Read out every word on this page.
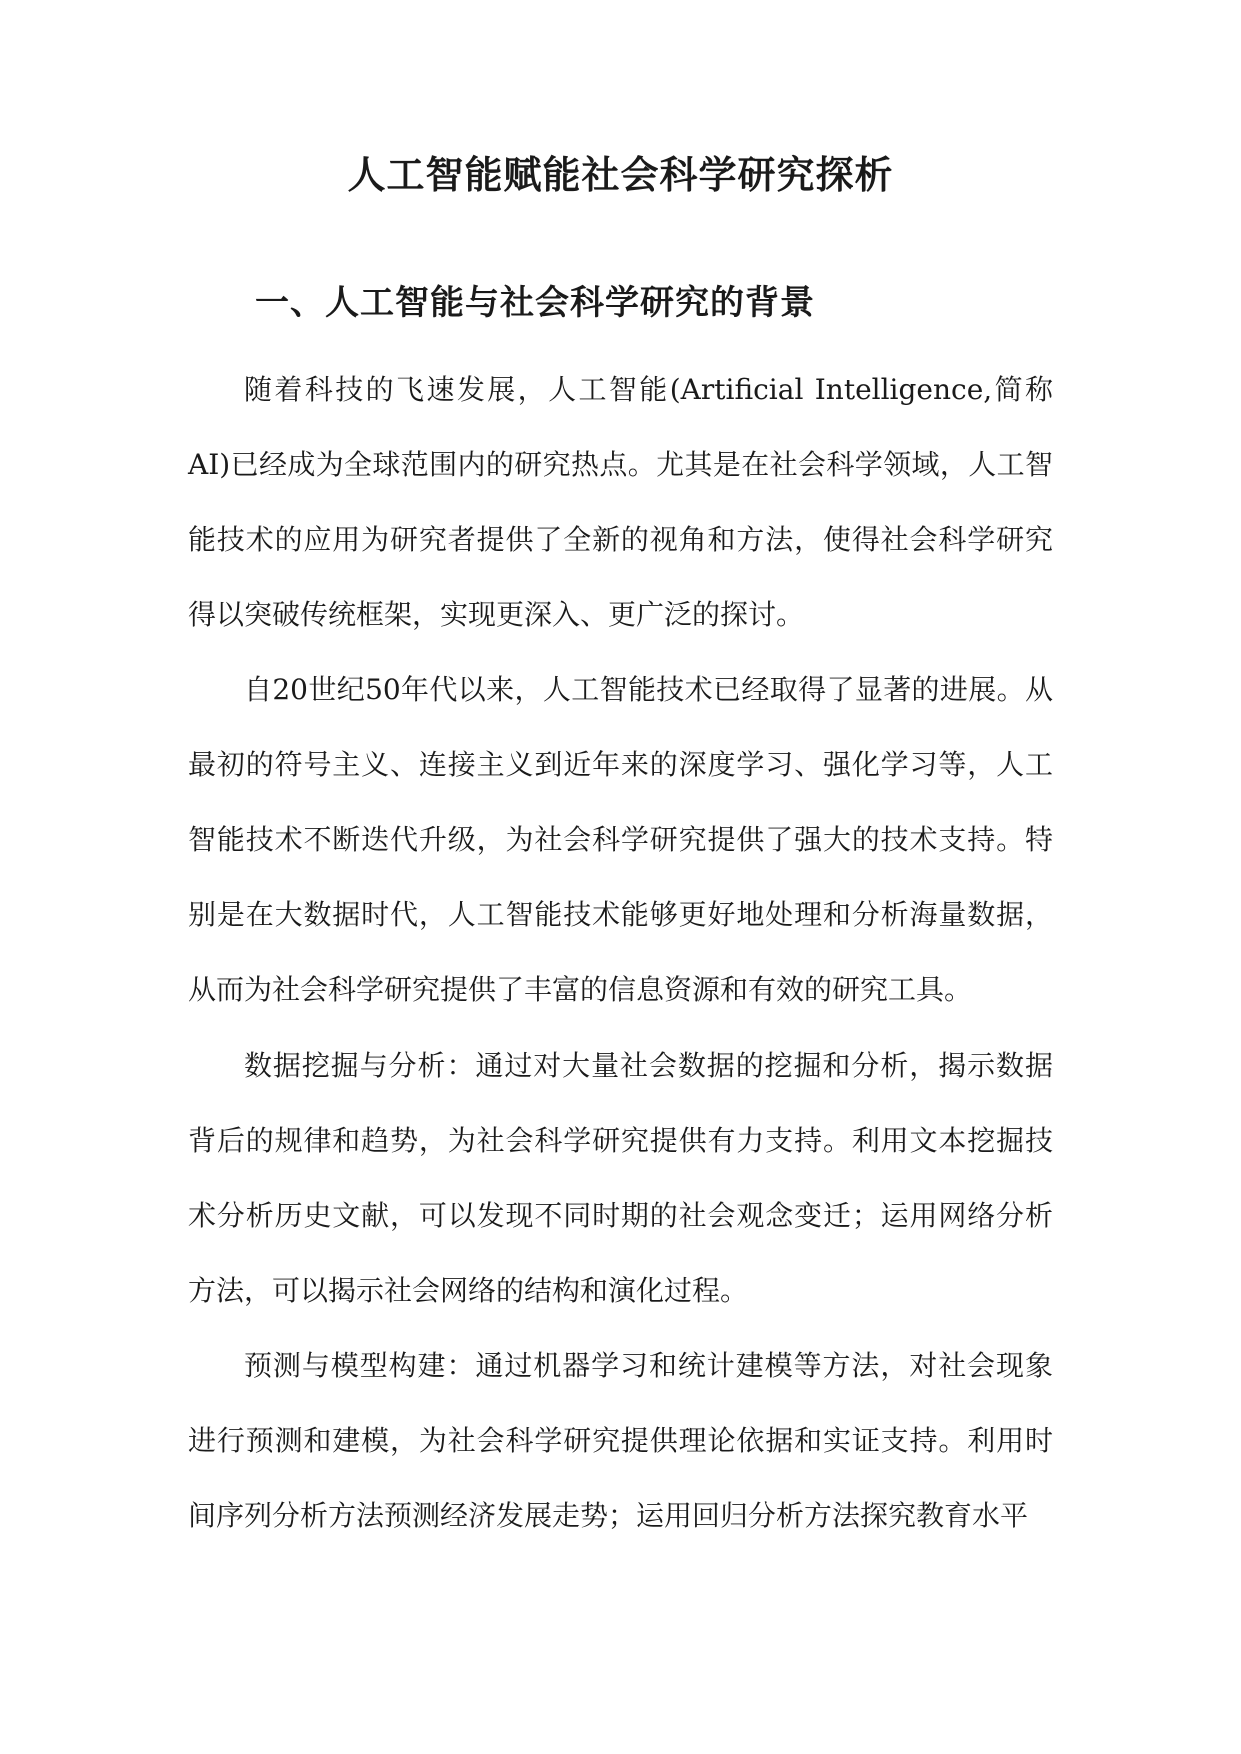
人工智能赋能社会科学研究探析
一、人工智能与社会科学研究的背景

随着科技的飞速发展，人工智能(Artificial Intelligence,简称AI)已经成为全球范围内的研究热点。尤其是在社会科学领域，人工智能技术的应用为研究者提供了全新的视角和方法，使得社会科学研究得以突破传统框架，实现更深入、更广泛的探讨。

自20世纪50年代以来，人工智能技术已经取得了显著的进展。从最初的符号主义、连接主义到近年来的深度学习、强化学习等，人工智能技术不断迭代升级，为社会科学研究提供了强大的技术支持。特别是在大数据时代，人工智能技术能够更好地处理和分析海量数据，从而为社会科学研究提供了丰富的信息资源和有效的研究工具。

数据挖掘与分析：通过对大量社会数据的挖掘和分析，揭示数据背后的规律和趋势，为社会科学研究提供有力支持。利用文本挖掘技术分析历史文献，可以发现不同时期的社会观念变迁；运用网络分析方法，可以揭示社会网络的结构和演化过程。

预测与模型构建：通过机器学习和统计建模等方法，对社会现象进行预测和建模，为社会科学研究提供理论依据和实证支持。利用时间序列分析方法预测经济发展走势；运用回归分析方法探究教育水平
